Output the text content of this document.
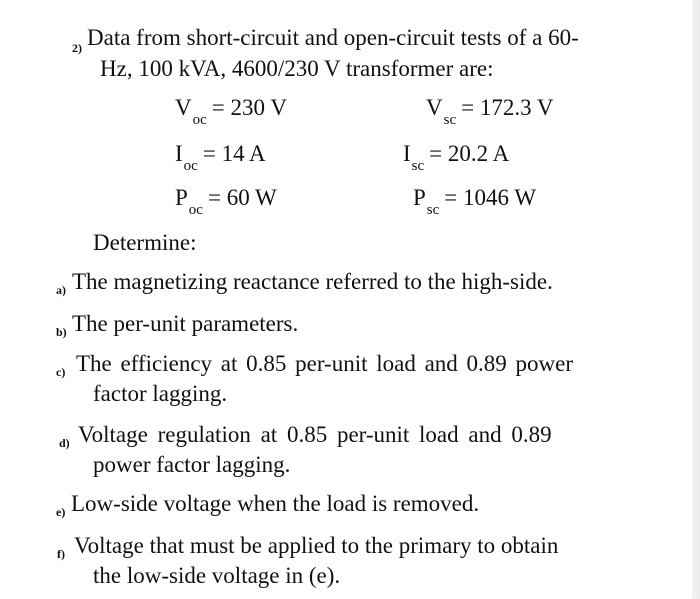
2) Data from short-circuit and open-circuit tests of a 60-
Hz, 100 kVA, 4600/230 V transformer are:
V oc = 230 V	V sc = 172.3 V
I oc = 14 A	I sc = 20.2 A
P oc = 60 W	P sc = 1046 W
Determine:
a) The magnetizing reactance referred to the high-side.
b) The per-unit parameters.
c) The efficiency at 0.85 per-unit load and 0.89 power
factor lagging.
d) Voltage regulation at 0.85 per-unit load and 0.89
power factor lagging.
e) Low-side voltage when the load is removed.
f) Voltage that must be applied to the primary to obtain
the low-side voltage in (e).
